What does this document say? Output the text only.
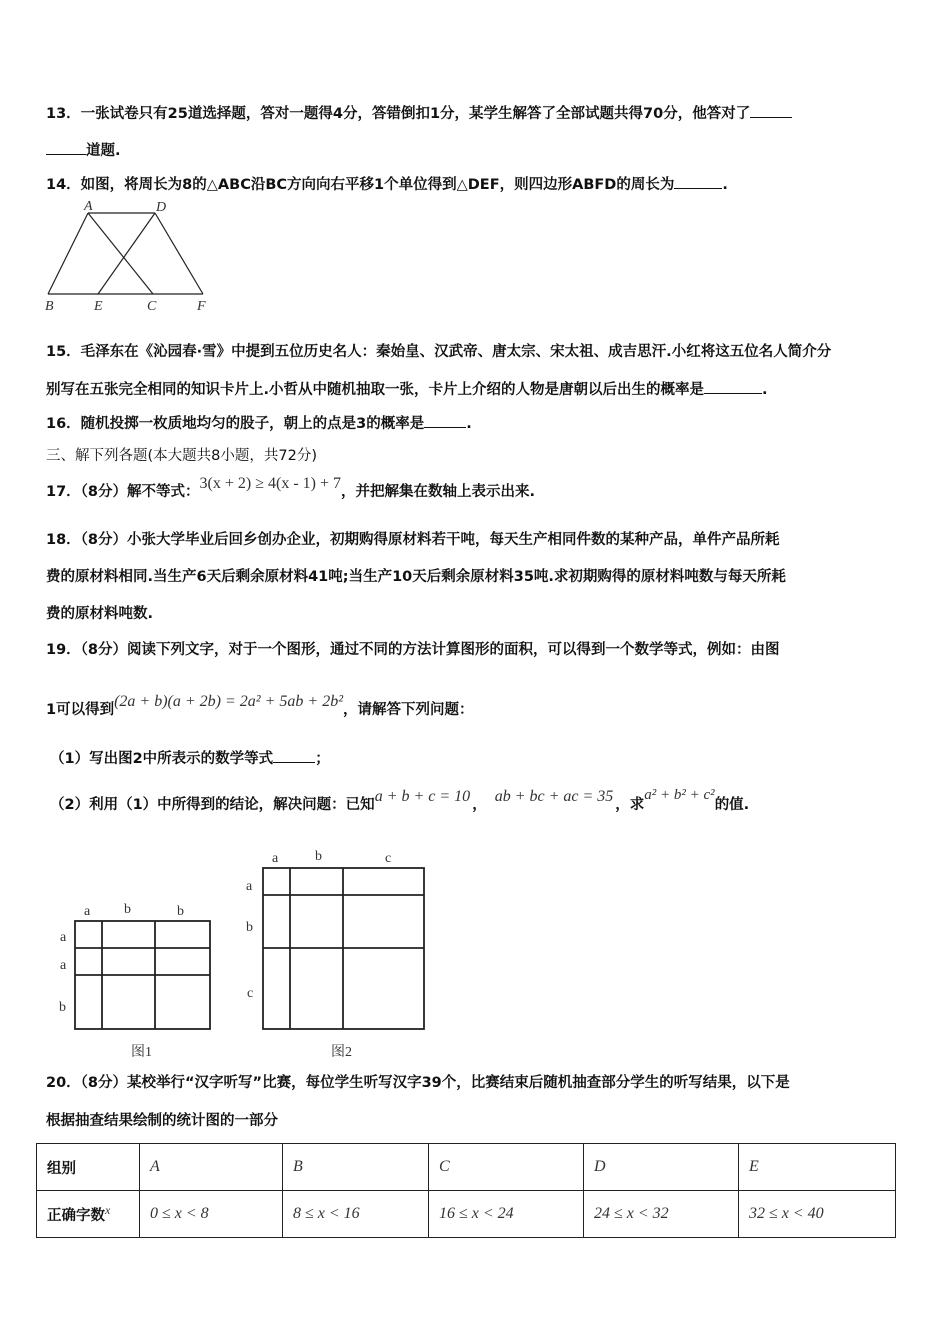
13．一张试卷只有25道选择题，答对一题得4分，答错倒扣1分，某学生解答了全部试题共得70分，他答对了
道题.
14．如图，将周长为8的△ABC沿BC方向向右平移1个单位得到△DEF，则四边形ABFD的周长为	.
A	D
B	E	C	F
15．毛泽东在《沁园春·雪》中提到五位历史名人：秦始皇、汉武帝、唐太宗、宋太祖、成吉思汗.小红将这五位名人简介分
别写在五张完全相同的知识卡片上.小哲从中随机抽取一张，卡片上介绍的人物是唐朝以后出生的概率是	.
16．随机投掷一枚质地均匀的股子，朝上的点是3的概率是	.
三、解下列各题(本大题共8小题，共72分)
17．（8分）解不等式：3(x + 2) ≥ 4(x - 1) + 7，并把解集在数轴上表示出来.
18．（8分）小张大学毕业后回乡创办企业，初期购得原材料若干吨，每天生产相同件数的某种产品，单件产品所耗
费的原材料相同.当生产6天后剩余原材料41吨;当生产10天后剩余原材料35吨.求初期购得的原材料吨数与每天所耗
费的原材料吨数.
19．（8分）阅读下列文字，对于一个图形，通过不同的方法计算图形的面积，可以得到一个数学等式，例如：由图
1可以得到(2a + b)(a + 2b) = 2a² + 5ab + 2b²，请解答下列问题：
（1）写出图2中所表示的数学等式	；
（2）利用（1）中所得到的结论，解决问题：已知a + b + c = 10 ， ab + bc + ac = 35 ，求a² + b² + c²的值.
a b	b
a
a
b
图1
a	b	c
a
b
c
图2
20．（8分）某校举行“汉字听写”比赛，每位学生听写汉字39个，比赛结束后随机抽查部分学生的听写结果，以下是
根据抽查结果绘制的统计图的一部分
组别	A	B	C	D	E
正确字数$^x$	0 ≤ x < 8	8 ≤ x < 16	16 ≤ x < 24	24 ≤ x < 32	32 ≤ x < 40
